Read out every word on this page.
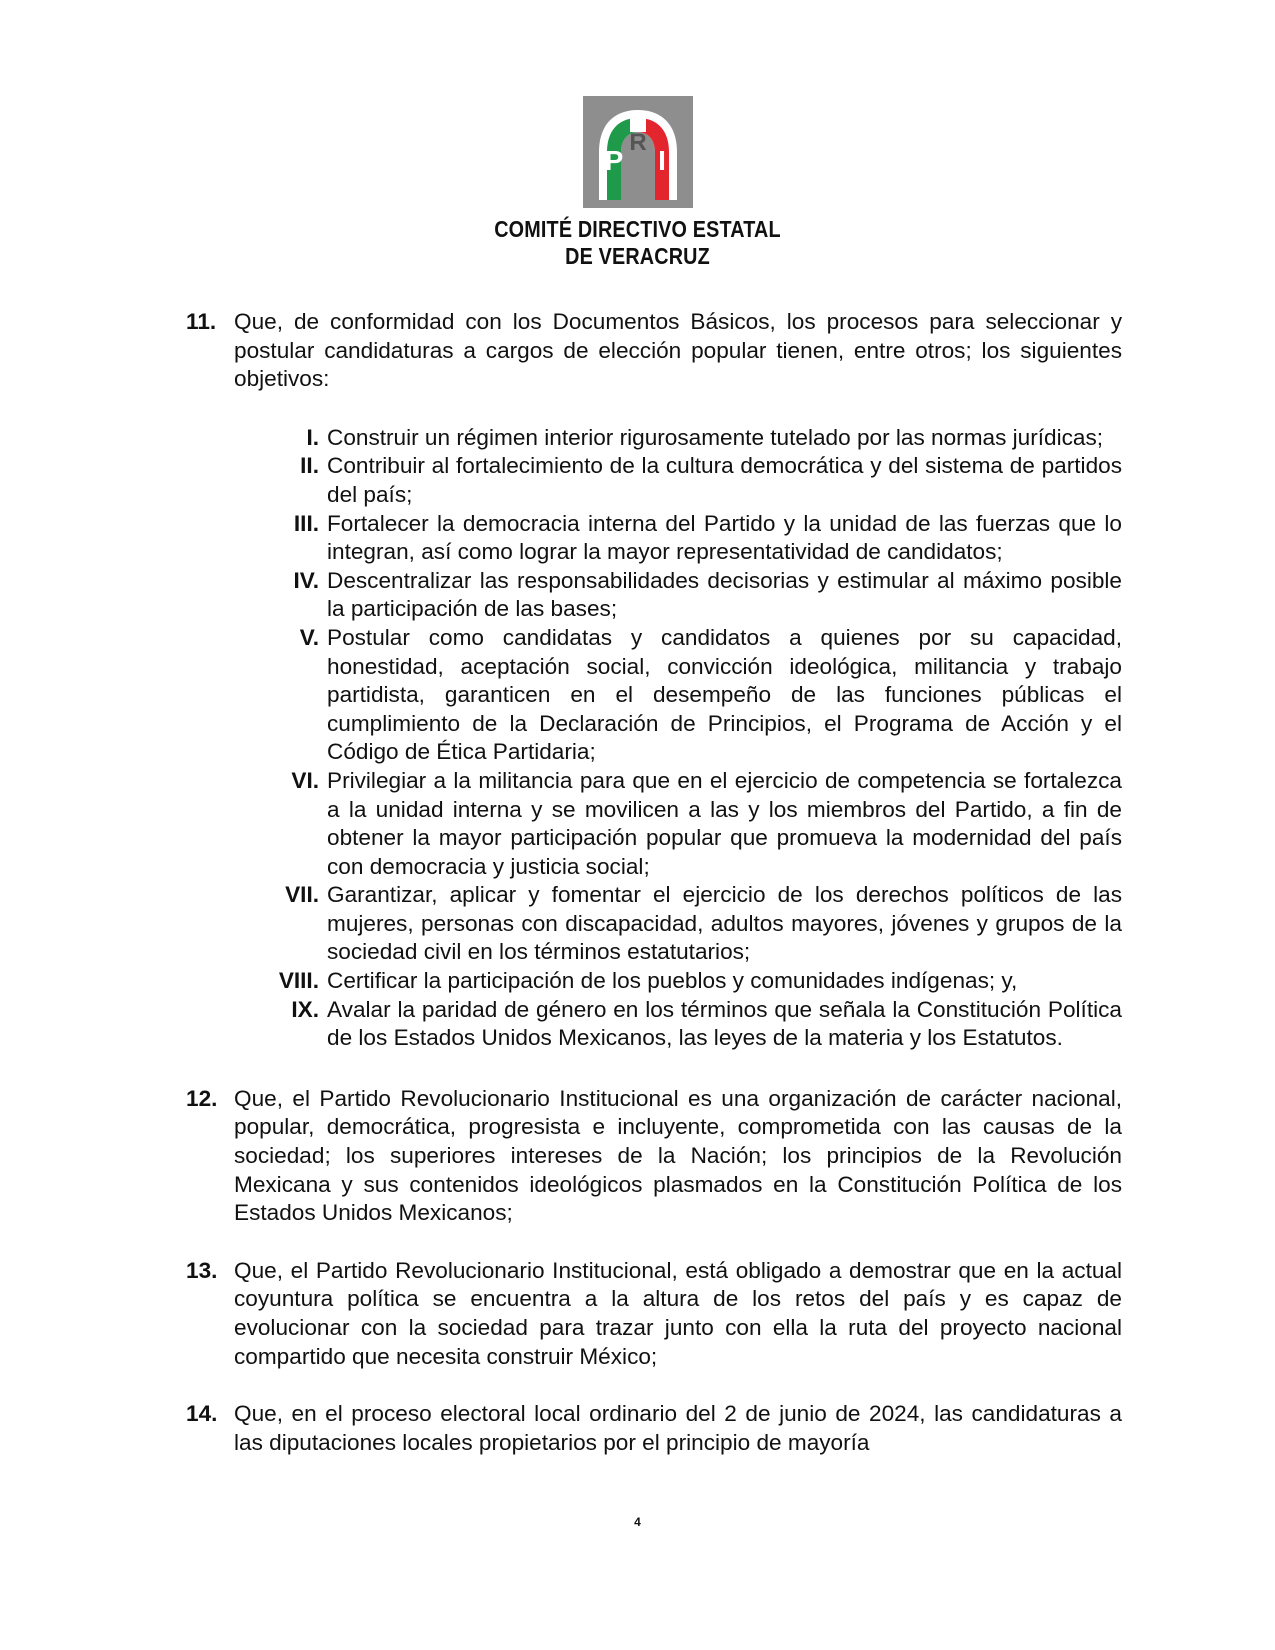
P
R
I
COMITÉ DIRECTIVO ESTATAL
DE VERACRUZ
11. Que, de conformidad con los Documentos Básicos, los procesos para seleccionar y postular candidaturas a cargos de elección popular tienen, entre otros; los siguientes objetivos:
I. Construir un régimen interior rigurosamente tutelado por las normas jurídicas;
II. Contribuir al fortalecimiento de la cultura democrática y del sistema de partidos del país;
III. Fortalecer la democracia interna del Partido y la unidad de las fuerzas que lo integran, así como lograr la mayor representatividad de candidatos;
IV. Descentralizar las responsabilidades decisorias y estimular al máximo posible la participación de las bases;
V. Postular como candidatas y candidatos a quienes por su capacidad, honestidad, aceptación social, convicción ideológica, militancia y trabajo partidista, garanticen en el desempeño de las funciones públicas el cumplimiento de la Declaración de Principios, el Programa de Acción y el Código de Ética Partidaria;
VI. Privilegiar a la militancia para que en el ejercicio de competencia se fortalezca a la unidad interna y se movilicen a las y los miembros del Partido, a fin de obtener la mayor participación popular que promueva la modernidad del país con democracia y justicia social;
VII. Garantizar, aplicar y fomentar el ejercicio de los derechos políticos de las mujeres, personas con discapacidad, adultos mayores, jóvenes y grupos de la sociedad civil en los términos estatutarios;
VIII. Certificar la participación de los pueblos y comunidades indígenas; y,
IX. Avalar la paridad de género en los términos que señala la Constitución Política de los Estados Unidos Mexicanos, las leyes de la materia y los Estatutos.
12. Que, el Partido Revolucionario Institucional es una organización de carácter nacional, popular, democrática, progresista e incluyente, comprometida con las causas de la sociedad; los superiores intereses de la Nación; los principios de la Revolución Mexicana y sus contenidos ideológicos plasmados en la Constitución Política de los Estados Unidos Mexicanos;
13. Que, el Partido Revolucionario Institucional, está obligado a demostrar que en la actual coyuntura política se encuentra a la altura de los retos del país y es capaz de evolucionar con la sociedad para trazar junto con ella la ruta del proyecto nacional compartido que necesita construir México;
14. Que, en el proceso electoral local ordinario del 2 de junio de 2024, las candidaturas a las diputaciones locales propietarios por el principio de mayoría
4
